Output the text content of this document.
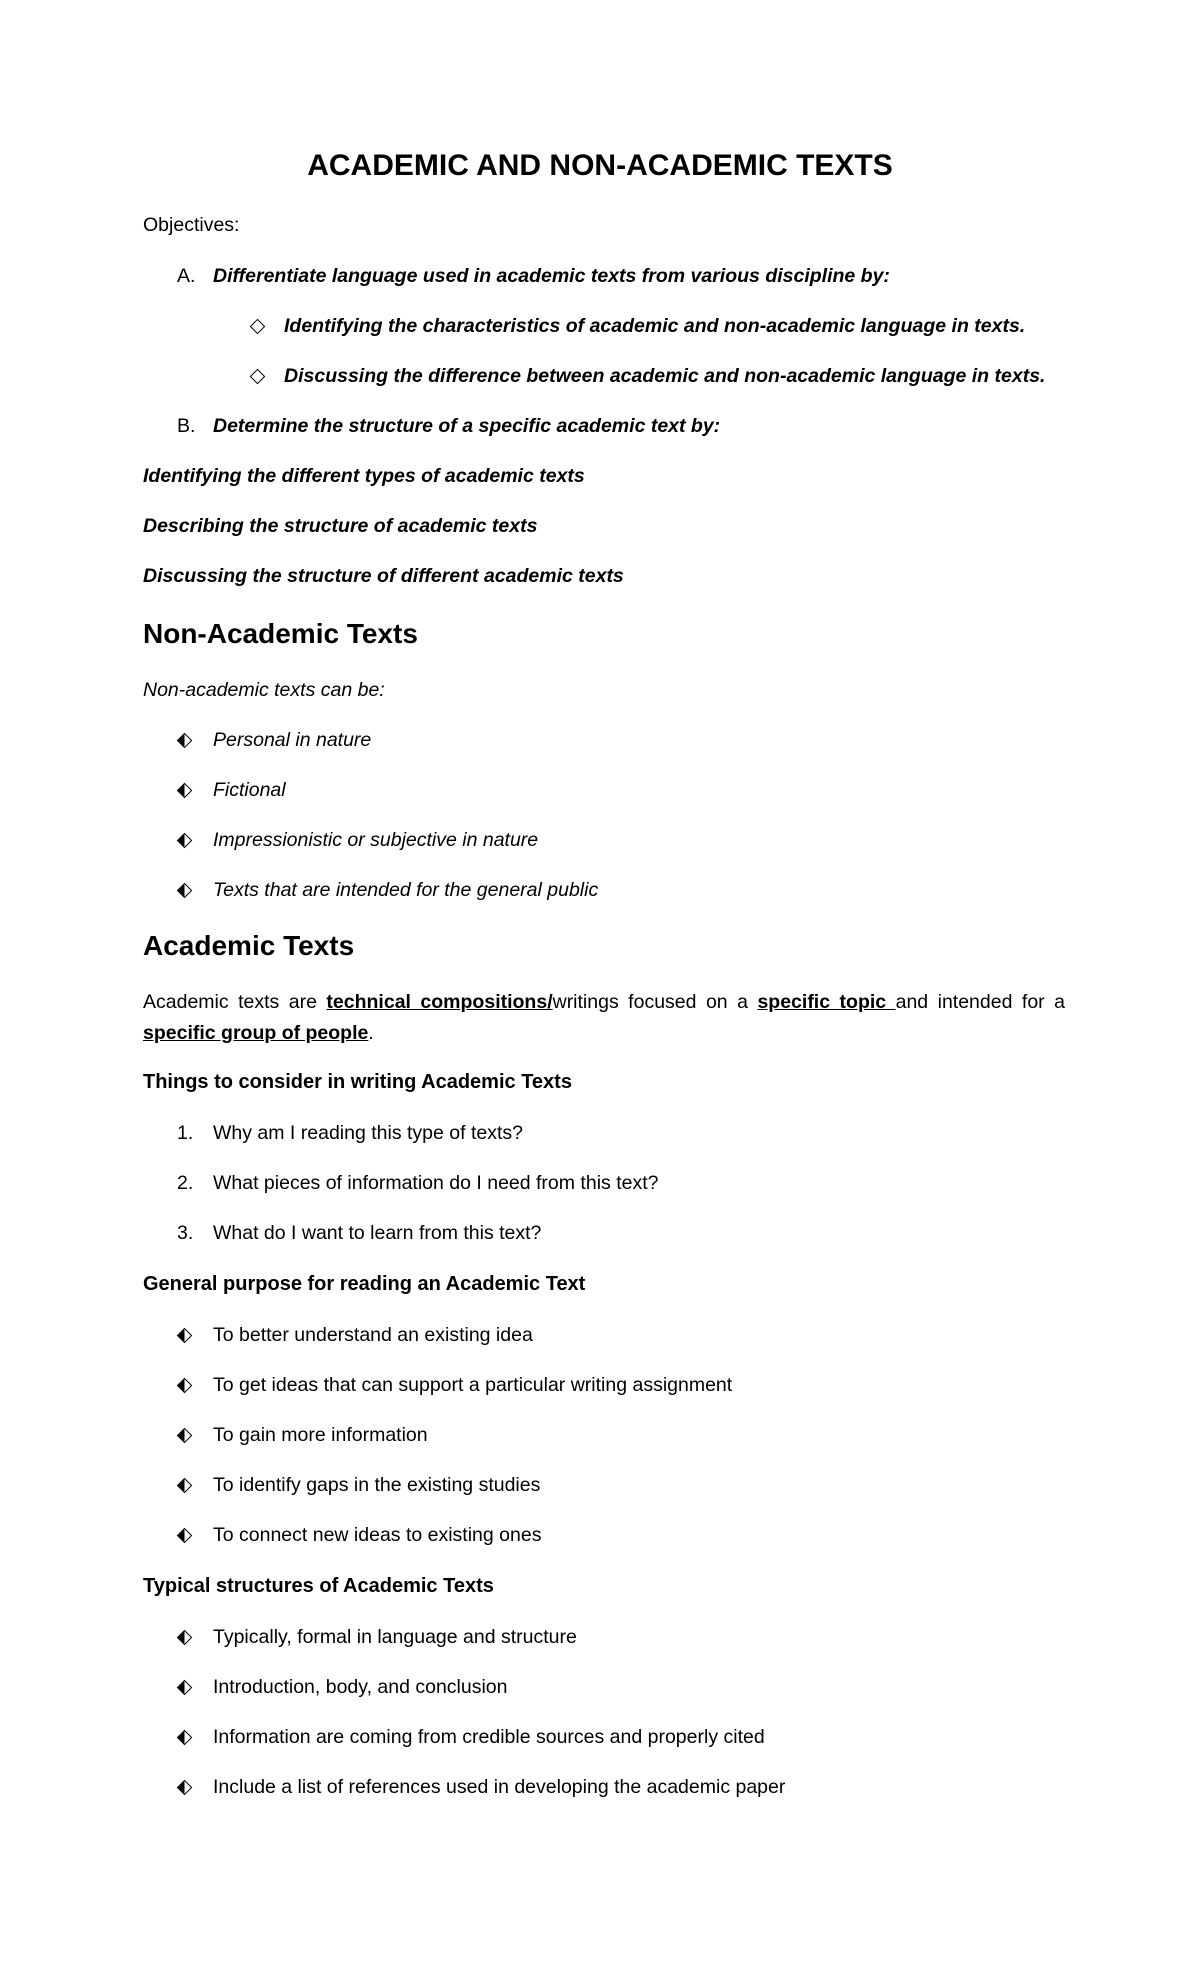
ACADEMIC AND NON-ACADEMIC TEXTS
Objectives:
A. Differentiate language used in academic texts from various discipline by:
Identifying the characteristics of academic and non-academic language in texts.
Discussing the difference between academic and non-academic language in texts.
B. Determine the structure of a specific academic text by:
Identifying the different types of academic texts
Describing the structure of academic texts
Discussing the structure of different academic texts
Non-Academic Texts
Non-academic texts can be:
Personal in nature
Fictional
Impressionistic or subjective in nature
Texts that are intended for the general public
Academic Texts
Academic texts are technical compositions/writings focused on a specific topic and intended for a specific group of people.
Things to consider in writing Academic Texts
1. Why am I reading this type of texts?
2. What pieces of information do I need from this text?
3. What do I want to learn from this text?
General purpose for reading an Academic Text
To better understand an existing idea
To get ideas that can support a particular writing assignment
To gain more information
To identify gaps in the existing studies
To connect new ideas to existing ones
Typical structures of Academic Texts
Typically, formal in language and structure
Introduction, body, and conclusion
Information are coming from credible sources and properly cited
Include a list of references used in developing the academic paper
